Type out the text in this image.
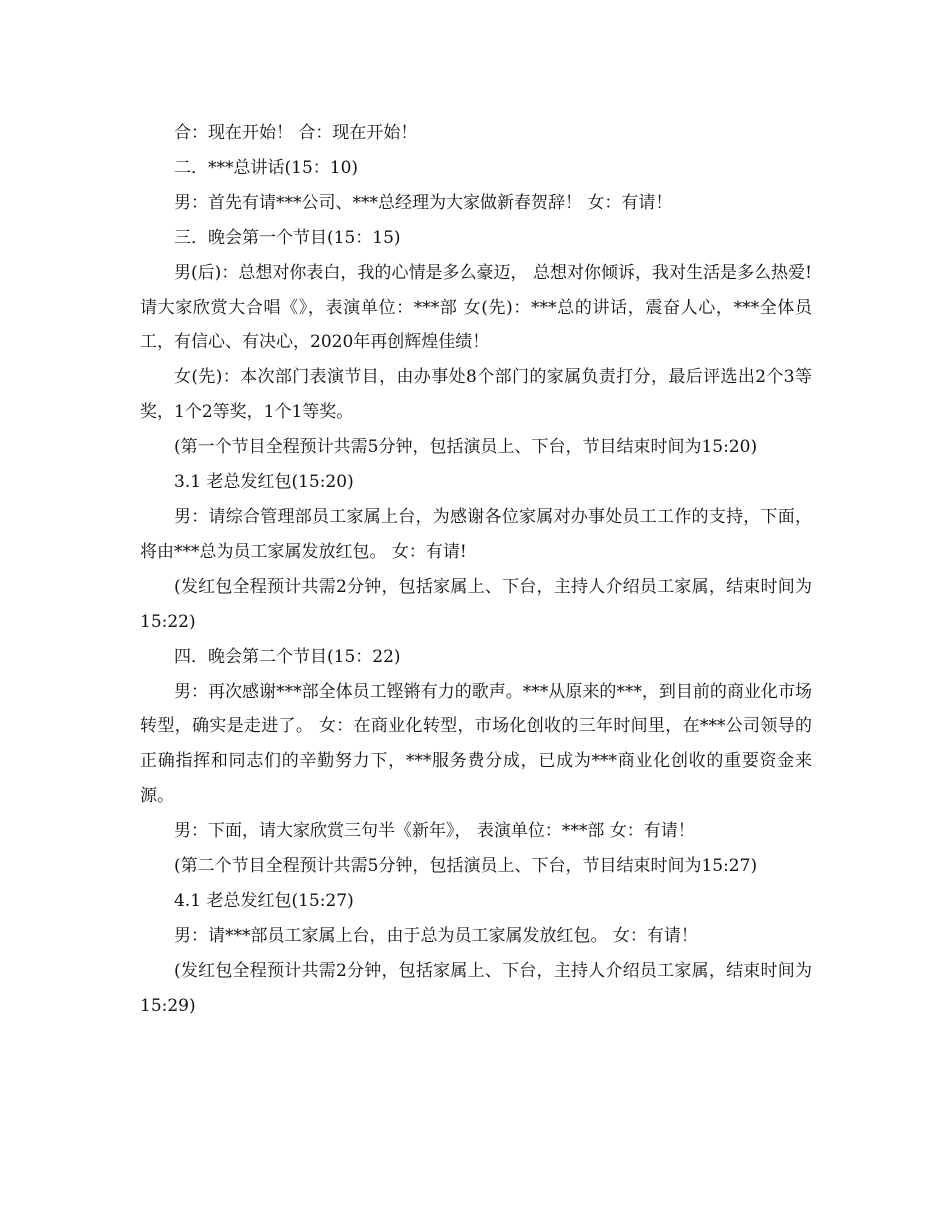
合：现在开始！ 合：现在开始！

二．***总讲话(15：10)

男：首先有请***公司、***总经理为大家做新春贺辞！ 女：有请！

三．晚会第一个节目(15：15)

男(后)：总想对你表白，我的心情是多么豪迈， 总想对你倾诉，我对生活是多么热爱!请大家欣赏大合唱《》，表演单位：***部 女(先)：***总的讲话，震奋人心，***全体员工，有信心、有决心，2020年再创辉煌佳绩！

女(先)：本次部门表演节目，由办事处8个部门的家属负责打分，最后评选出2个3等奖，1个2等奖，1个1等奖。

(第一个节目全程预计共需5分钟，包括演员上、下台，节目结束时间为15:20)

3.1 老总发红包(15:20)

男：请综合管理部员工家属上台，为感谢各位家属对办事处员工工作的支持，下面，将由***总为员工家属发放红包。 女：有请!

(发红包全程预计共需2分钟，包括家属上、下台，主持人介绍员工家属，结束时间为15:22)

四．晚会第二个节目(15：22)

男：再次感谢***部全体员工铿锵有力的歌声。***从原来的***，到目前的商业化市场转型，确实是走进了。 女：在商业化转型，市场化创收的三年时间里，在***公司领导的正确指挥和同志们的辛勤努力下，***服务费分成，已成为***商业化创收的重要资金来源。

男：下面，请大家欣赏三句半《新年》， 表演单位：***部 女：有请！

(第二个节目全程预计共需5分钟，包括演员上、下台，节目结束时间为15:27)

4.1 老总发红包(15:27)

男：请***部员工家属上台，由于总为员工家属发放红包。 女：有请！

(发红包全程预计共需2分钟，包括家属上、下台，主持人介绍员工家属，结束时间为15:29)
